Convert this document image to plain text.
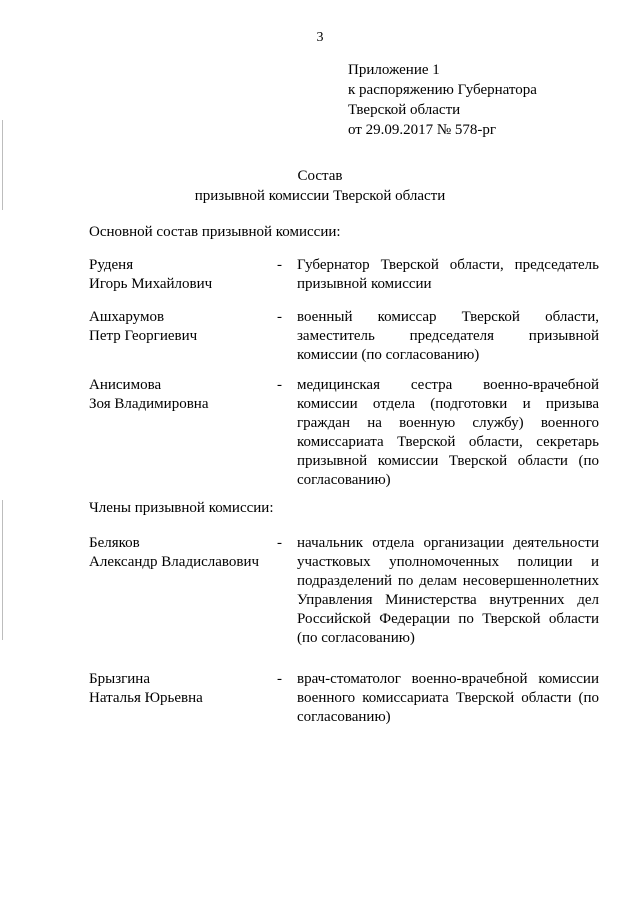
3
Приложение 1
к распоряжению Губернатора
Тверской области
от 29.09.2017 № 578-рг
Состав
призывной комиссии Тверской области
Основной состав призывной комиссии:
Руденя
Игорь Михайлович
- Губернатор Тверской области, председатель призывной комиссии
Ашхарумов
Петр Георгиевич
- военный комиссар Тверской области, заместитель председателя призывной комиссии (по согласованию)
Анисимова
Зоя Владимировна
- медицинская сестра военно-врачебной комиссии отдела (подготовки и призыва граждан на военную службу) военного комиссариата Тверской области, секретарь призывной комиссии Тверской области (по согласованию)
Члены призывной комиссии:
Беляков
Александр Владиславович
- начальник отдела организации деятельности участковых уполномоченных полиции и подразделений по делам несовершеннолетних Управления Министерства внутренних дел Российской Федерации по Тверской области (по согласованию)
Брызгина
Наталья Юрьевна
- врач-стоматолог военно-врачебной комиссии военного комиссариата Тверской области (по согласованию)
